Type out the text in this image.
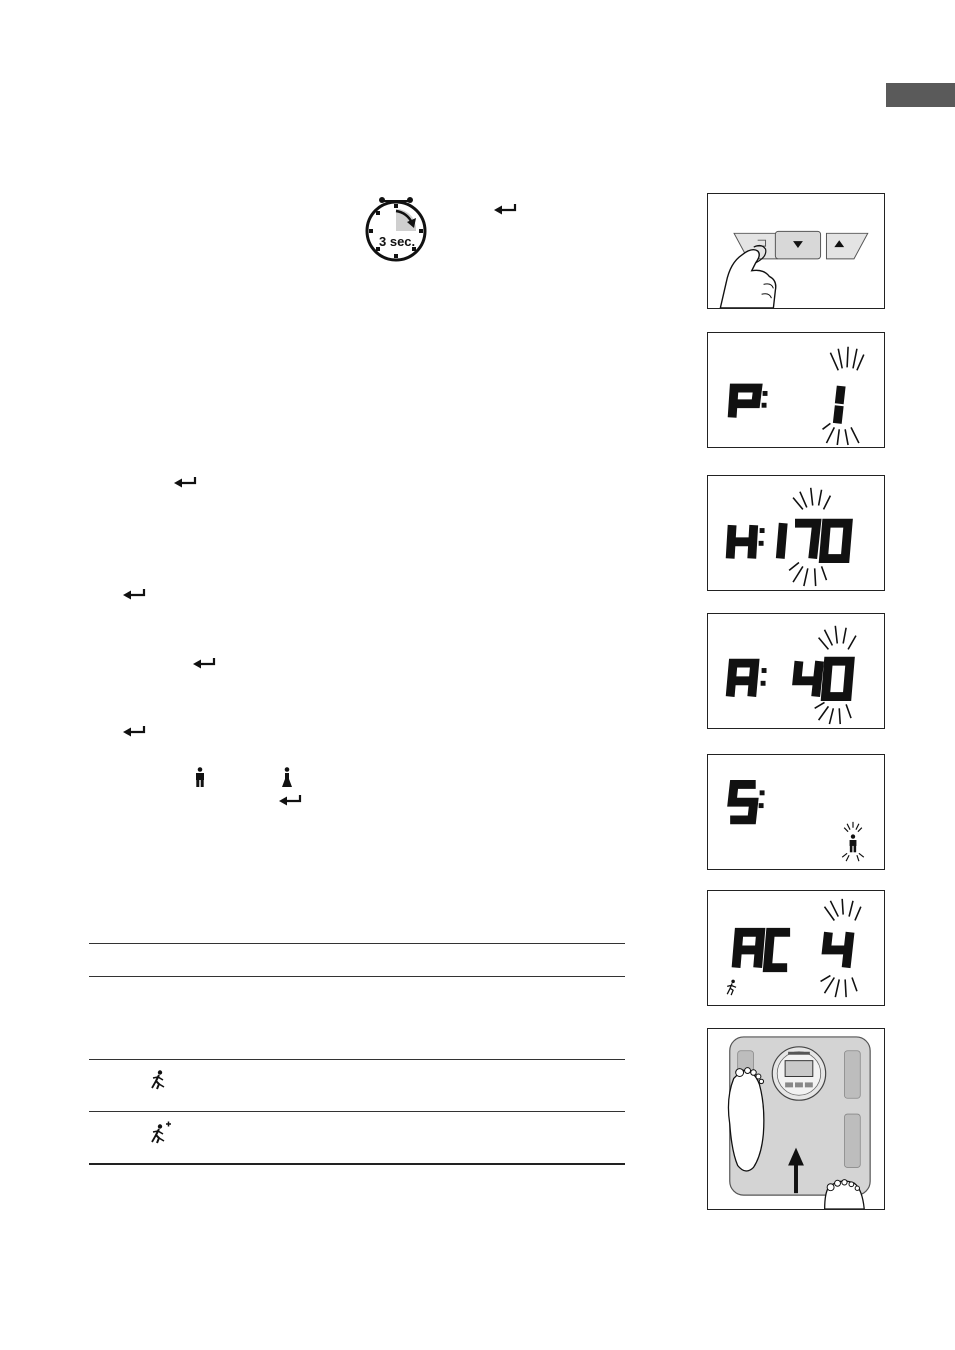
3 sec.
